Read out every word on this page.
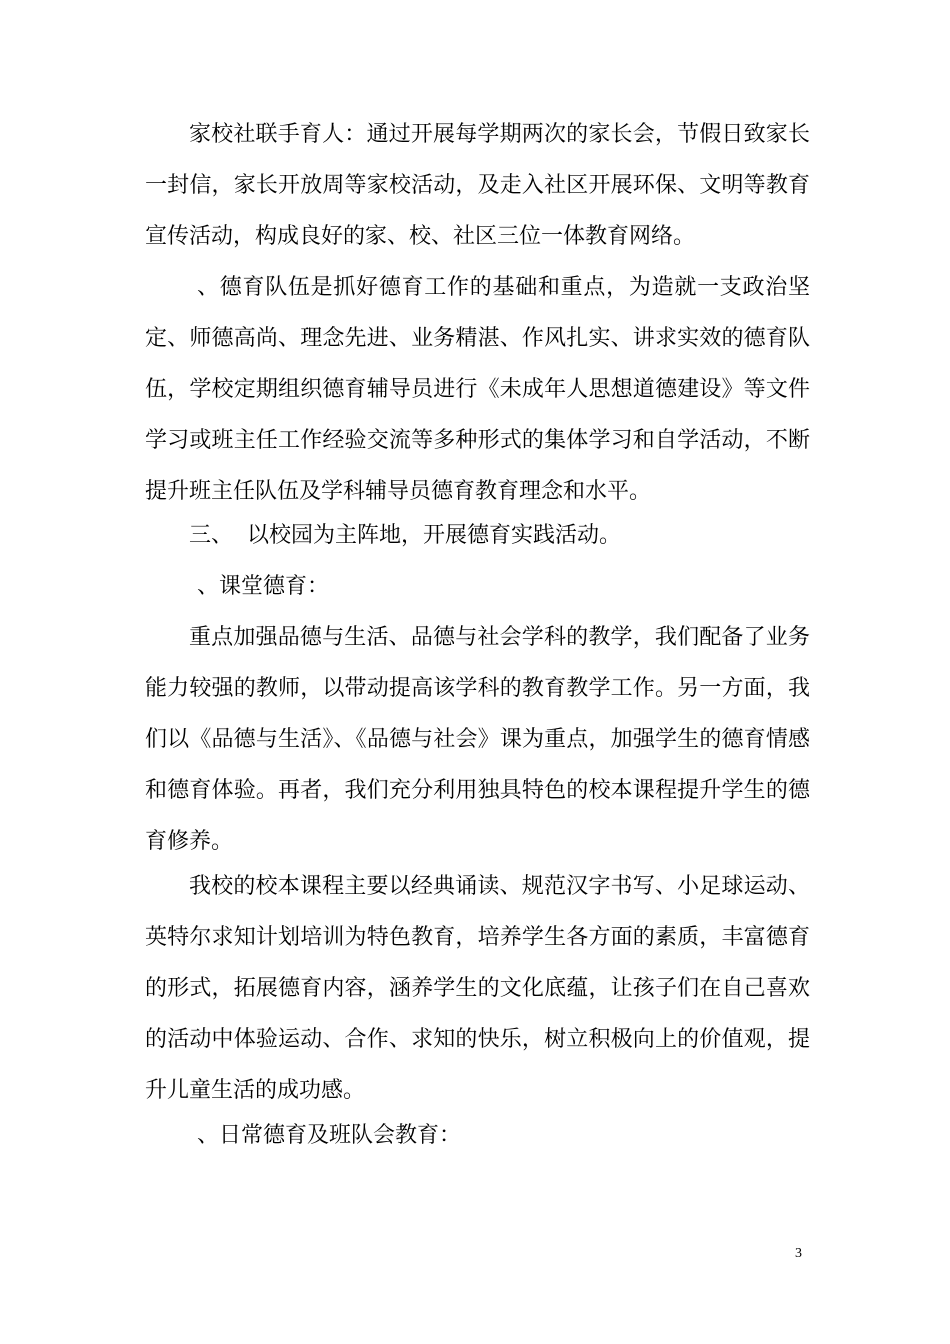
家校社联手育人：通过开展每学期两次的家长会，节假日致家长一封信，家长开放周等家校活动，及走入社区开展环保、文明等教育宣传活动，构成良好的家、校、社区三位一体教育网络。

、德育队伍是抓好德育工作的基础和重点，为造就一支政治坚定、师德高尚、理念先进、业务精湛、作风扎实、讲求实效的德育队伍，学校定期组织德育辅导员进行《未成年人思想道德建设》等文件学习或班主任工作经验交流等多种形式的集体学习和自学活动，不断提升班主任队伍及学科辅导员德育教育理念和水平。

三、  以校园为主阵地，开展德育实践活动。

、课堂德育：

重点加强品德与生活、品德与社会学科的教学，我们配备了业务能力较强的教师，以带动提高该学科的教育教学工作。另一方面，我们以《品德与生活》、《品德与社会》课为重点，加强学生的德育情感和德育体验。再者，我们充分利用独具特色的校本课程提升学生的德育修养。

我校的校本课程主要以经典诵读、规范汉字书写、小足球运动、英特尔求知计划培训为特色教育，培养学生各方面的素质，丰富德育的形式，拓展德育内容，涵养学生的文化底蕴，让孩子们在自己喜欢的活动中体验运动、合作、求知的快乐，树立积极向上的价值观，提升儿童生活的成功感。

、日常德育及班队会教育：

3
